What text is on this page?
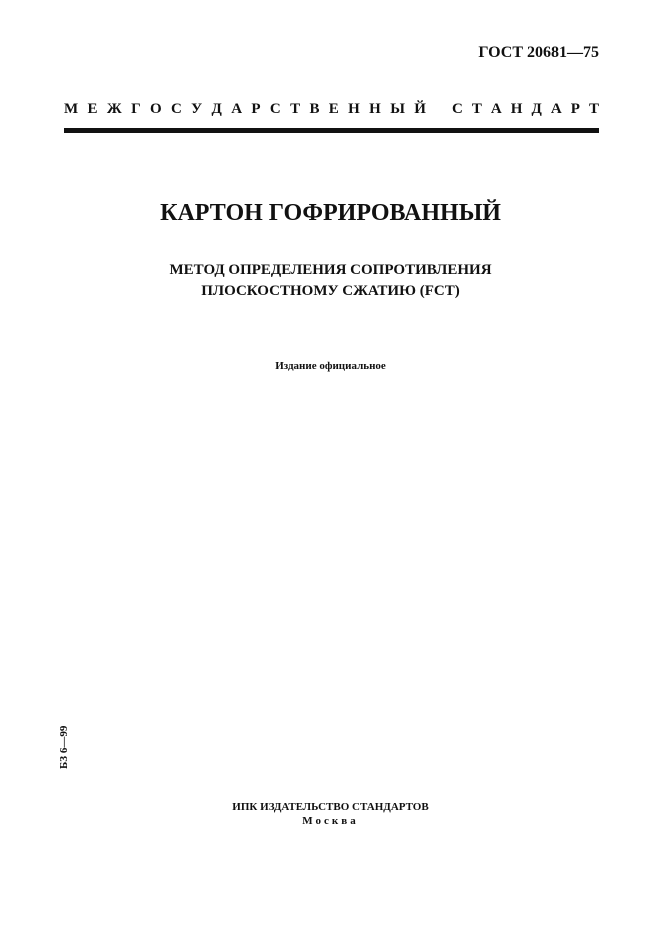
ГОСТ 20681—75
М Е Ж Г О С У Д А Р С Т В Е Н Н Ы Й С Т А Н Д А Р Т
КАРТОН ГОФРИРОВАННЫЙ
МЕТОД ОПРЕДЕЛЕНИЯ СОПРОТИВЛЕНИЯ
ПЛОСКОСТНОМУ СЖАТИЮ (FCT)
Издание официальное
БЗ 6—99
ИПК ИЗДАТЕЛЬСТВО СТАНДАРТОВ
Москва
